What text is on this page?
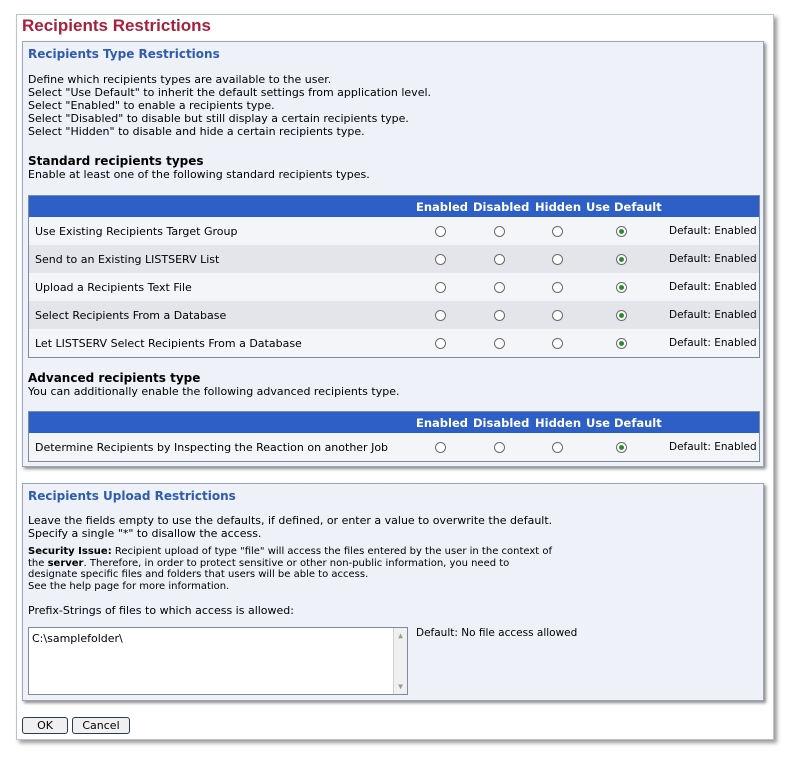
Recipients Restrictions
Recipients Type Restrictions
Define which recipients types are available to the user.
Select "Use Default" to inherit the default settings from application level.
Select "Enabled" to enable a recipients type.
Select "Disabled" to disable but still display a certain recipients type.
Select "Hidden" to disable and hide a certain recipients type.
Standard recipients types
Enable at least one of the following standard recipients types.
Enabled Disabled Hidden Use Default
Use Existing Recipients Target Group	Default: Enabled
Send to an Existing LISTSERV List	Default: Enabled
Upload a Recipients Text File	Default: Enabled
Select Recipients From a Database	Default: Enabled
Let LISTSERV Select Recipients From a Database	Default: Enabled
Advanced recipients type
You can additionally enable the following advanced recipients type.
Enabled Disabled Hidden Use Default
Determine Recipients by Inspecting the Reaction on another Job	Default: Enabled
Recipients Upload Restrictions
Leave the fields empty to use the defaults, if defined, or enter a value to overwrite the default.
Specify a single "*" to disallow the access.
Security Issue: Recipient upload of type "file" will access the files entered by the user in the context of
the server. Therefore, in order to protect sensitive or other non-public information, you need to
designate specific files and folders that users will be able to access.
See the help page for more information.
Prefix-Strings of files to which access is allowed:
C:\samplefolder\	▲
▼
Default: No file access allowed
OK	Cancel
